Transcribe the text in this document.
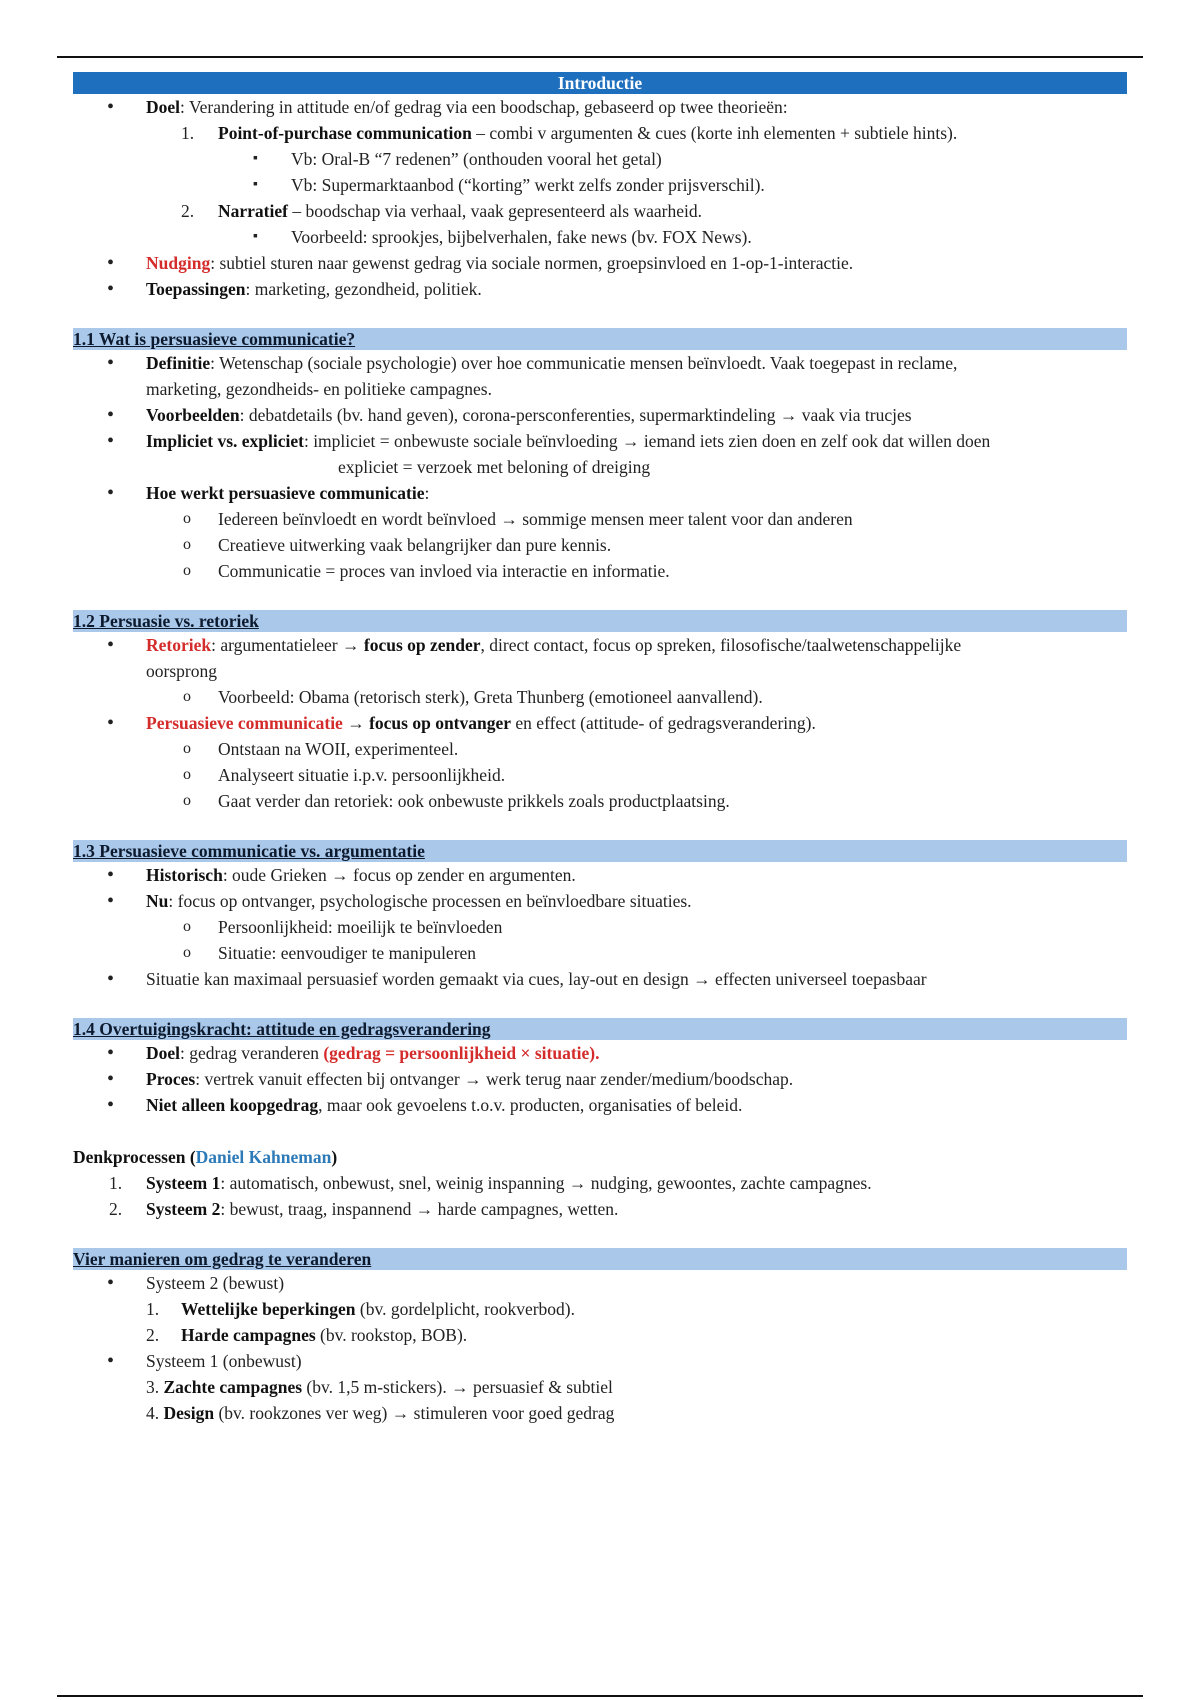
Introductie
• Doel: Verandering in attitude en/of gedrag via een boodschap, gebaseerd op twee theorieën:
1. Point-of-purchase communication – combi v argumenten & cues (korte inh elementen + subtiele hints).
▪ Vb: Oral-B “7 redenen” (onthouden vooral het getal)
▪ Vb: Supermarktaanbod (“korting” werkt zelfs zonder prijsverschil).
2. Narratief – boodschap via verhaal, vaak gepresenteerd als waarheid.
▪ Voorbeeld: sprookjes, bijbelverhalen, fake news (bv. FOX News).
• Nudging: subtiel sturen naar gewenst gedrag via sociale normen, groepsinvloed en 1-op-1-interactie.
• Toepassingen: marketing, gezondheid, politiek.
1.1 Wat is persuasieve communicatie?
• Definitie: Wetenschap (sociale psychologie) over hoe communicatie mensen beïnvloedt. Vaak toegepast in reclame,
marketing, gezondheids- en politieke campagnes.
• Voorbeelden: debatdetails (bv. hand geven), corona-persconferenties, supermarktindeling → vaak via trucjes
• Impliciet vs. expliciet: impliciet = onbewuste sociale beïnvloeding → iemand iets zien doen en zelf ook dat willen doen
expliciet = verzoek met beloning of dreiging
• Hoe werkt persuasieve communicatie:
o Iedereen beïnvloedt en wordt beïnvloed → sommige mensen meer talent voor dan anderen
o Creatieve uitwerking vaak belangrijker dan pure kennis.
o Communicatie = proces van invloed via interactie en informatie.
1.2 Persuasie vs. retoriek
• Retoriek: argumentatieleer → focus op zender, direct contact, focus op spreken, filosofische/taalwetenschappelijke
oorsprong
o Voorbeeld: Obama (retorisch sterk), Greta Thunberg (emotioneel aanvallend).
• Persuasieve communicatie → focus op ontvanger en effect (attitude- of gedragsverandering).
o Ontstaan na WOII, experimenteel.
o Analyseert situatie i.p.v. persoonlijkheid.
o Gaat verder dan retoriek: ook onbewuste prikkels zoals productplaatsing.
1.3 Persuasieve communicatie vs. argumentatie
• Historisch: oude Grieken → focus op zender en argumenten.
• Nu: focus op ontvanger, psychologische processen en beïnvloedbare situaties.
o Persoonlijkheid: moeilijk te beïnvloeden
o Situatie: eenvoudiger te manipuleren
• Situatie kan maximaal persuasief worden gemaakt via cues, lay-out en design → effecten universeel toepasbaar
1.4 Overtuigingskracht: attitude en gedragsverandering
• Doel: gedrag veranderen (gedrag = persoonlijkheid × situatie).
• Proces: vertrek vanuit effecten bij ontvanger → werk terug naar zender/medium/boodschap.
• Niet alleen koopgedrag, maar ook gevoelens t.o.v. producten, organisaties of beleid.
Denkprocessen (Daniel Kahneman)
1. Systeem 1: automatisch, onbewust, snel, weinig inspanning → nudging, gewoontes, zachte campagnes.
2. Systeem 2: bewust, traag, inspannend → harde campagnes, wetten.
Vier manieren om gedrag te veranderen
• Systeem 2 (bewust)
1. Wettelijke beperkingen (bv. gordelplicht, rookverbod).
2. Harde campagnes (bv. rookstop, BOB).
• Systeem 1 (onbewust)
3. Zachte campagnes (bv. 1,5 m-stickers). → persuasief & subtiel
4. Design (bv. rookzones ver weg) → stimuleren voor goed gedrag
